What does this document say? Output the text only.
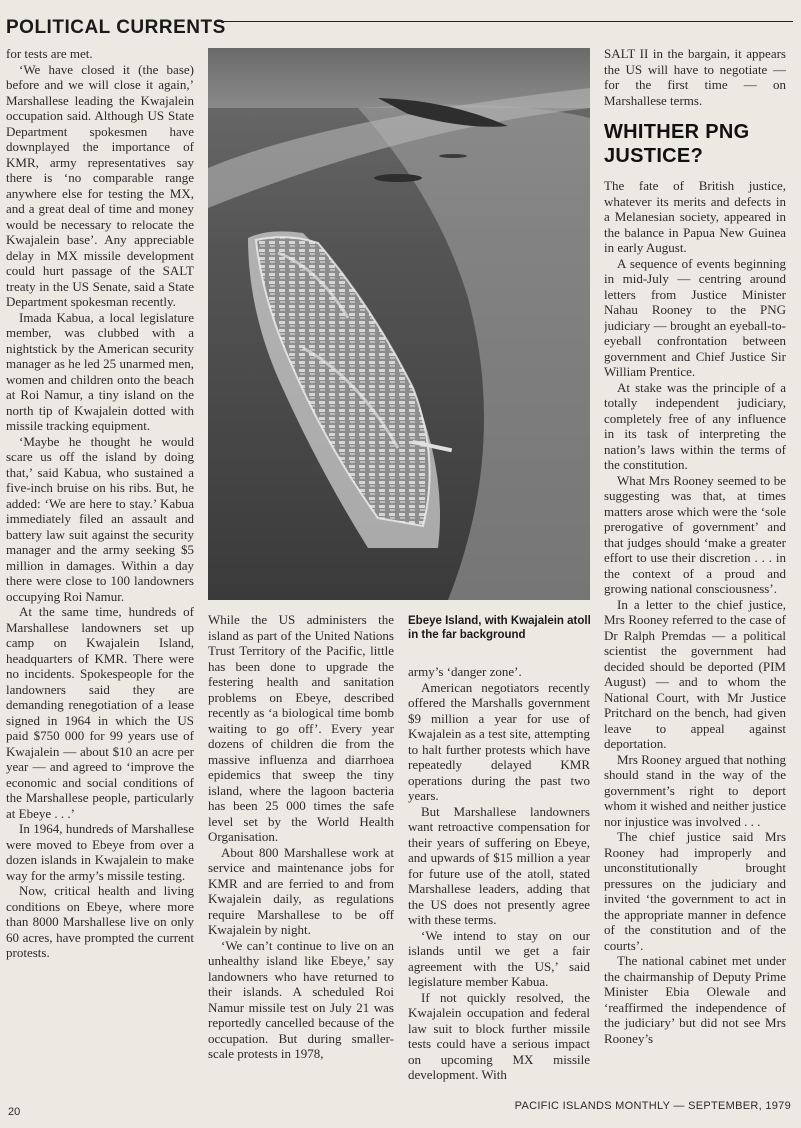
POLITICAL CURRENTS

for tests are met.

‘We have closed it (the base) before and we will close it again,’ Marshallese leading the Kwajalein occupation said. Although US State Department spokesmen have downplayed the importance of KMR, army representatives say there is ‘no comparable range anywhere else for testing the MX, and a great deal of time and money would be necessary to relocate the Kwajalein base’. Any appreciable delay in MX missile development could hurt passage of the SALT treaty in the US Senate, said a State Department spokesman recently.

Imada Kabua, a local legislature member, was clubbed with a nightstick by the American security manager as he led 25 unarmed men, women and children onto the beach at Roi Namur, a tiny island on the north tip of Kwajalein dotted with missile tracking equipment.

‘Maybe he thought he would scare us off the island by doing that,’ said Kabua, who sustained a five-inch bruise on his ribs. But, he added: ‘We are here to stay.’ Kabua immediately filed an assault and battery law suit against the security manager and the army seeking $5 million in damages. Within a day there were close to 100 landowners occupying Roi Namur.

At the same time, hundreds of Marshallese landowners set up camp on Kwajalein Island, headquarters of KMR. There were no incidents. Spokespeople for the landowners said they are demanding renegotiation of a lease signed in 1964 in which the US paid $750 000 for 99 years use of Kwajalein — about $10 an acre per year — and agreed to ‘improve the economic and social conditions of the Marshallese people, particularly at Ebeye . . .’

In 1964, hundreds of Marshallese were moved to Ebeye from over a dozen islands in Kwajalein to make way for the army’s missile testing.

Now, critical health and living conditions on Ebeye, where more than 8000 Marshallese live on only 60 acres, have prompted the current protests.

Ebeye Island, with Kwajalein atoll in the far background

While the US administers the island as part of the United Nations Trust Territory of the Pacific, little has been done to upgrade the festering health and sanitation problems on Ebeye, described recently as ‘a biological time bomb waiting to go off’. Every year dozens of children die from the massive influenza and diarrhoea epidemics that sweep the tiny island, where the lagoon bacteria has been 25 000 times the safe level set by the World Health Organisation.

About 800 Marshallese work at service and maintenance jobs for KMR and are ferried to and from Kwajalein daily, as regulations require Marshallese to be off Kwajalein by night.

‘We can’t continue to live on an unhealthy island like Ebeye,’ say landowners who have returned to their islands. A scheduled Roi Namur missile test on July 21 was reportedly cancelled because of the occupation. But during smaller-scale protests in 1978,

army’s ‘danger zone’.

American negotiators recently offered the Marshalls government $9 million a year for use of Kwajalein as a test site, attempting to halt further protests which have repeatedly delayed KMR operations during the past two years.

But Marshallese landowners want retroactive compensation for their years of suffering on Ebeye, and upwards of $15 million a year for future use of the atoll, stated Marshallese leaders, adding that the US does not presently agree with these terms.

‘We intend to stay on our islands until we get a fair agreement with the US,’ said legislature member Kabua.

If not quickly resolved, the Kwajalein occupation and federal law suit to block further missile tests could have a serious impact on upcoming MX missile development. With

SALT II in the bargain, it appears the US will have to negotiate — for the first time — on Marshallese terms.

WHITHER PNG JUSTICE?

The fate of British justice, whatever its merits and defects in a Melanesian society, appeared in the balance in Papua New Guinea in early August.

A sequence of events beginning in mid-July — centring around letters from Justice Minister Nahau Rooney to the PNG judiciary — brought an eyeball-to-eyeball confrontation between government and Chief Justice Sir William Prentice.

At stake was the principle of a totally independent judiciary, completely free of any influence in its task of interpreting the nation’s laws within the terms of the constitution.

What Mrs Rooney seemed to be suggesting was that, at times matters arose which were the ‘sole prerogative of government’ and that judges should ‘make a greater effort to use their discretion . . . in the context of a proud and growing national consciousness’.

In a letter to the chief justice, Mrs Rooney referred to the case of Dr Ralph Premdas — a political scientist the government had decided should be deported (PIM August) — and to whom the National Court, with Mr Justice Pritchard on the bench, had given leave to appeal against deportation.

Mrs Rooney argued that nothing should stand in the way of the government’s right to deport whom it wished and neither justice nor injustice was involved . . .

The chief justice said Mrs Rooney had improperly and unconstitutionally brought pressures on the judiciary and invited ‘the government to act in the appropriate manner in defence of the constitution and of the courts’.

The national cabinet met under the chairmanship of Deputy Prime Minister Ebia Olewale and ‘reaffirmed the independence of the judiciary’ but did not see Mrs Rooney’s

20	PACIFIC ISLANDS MONTHLY — SEPTEMBER, 1979
